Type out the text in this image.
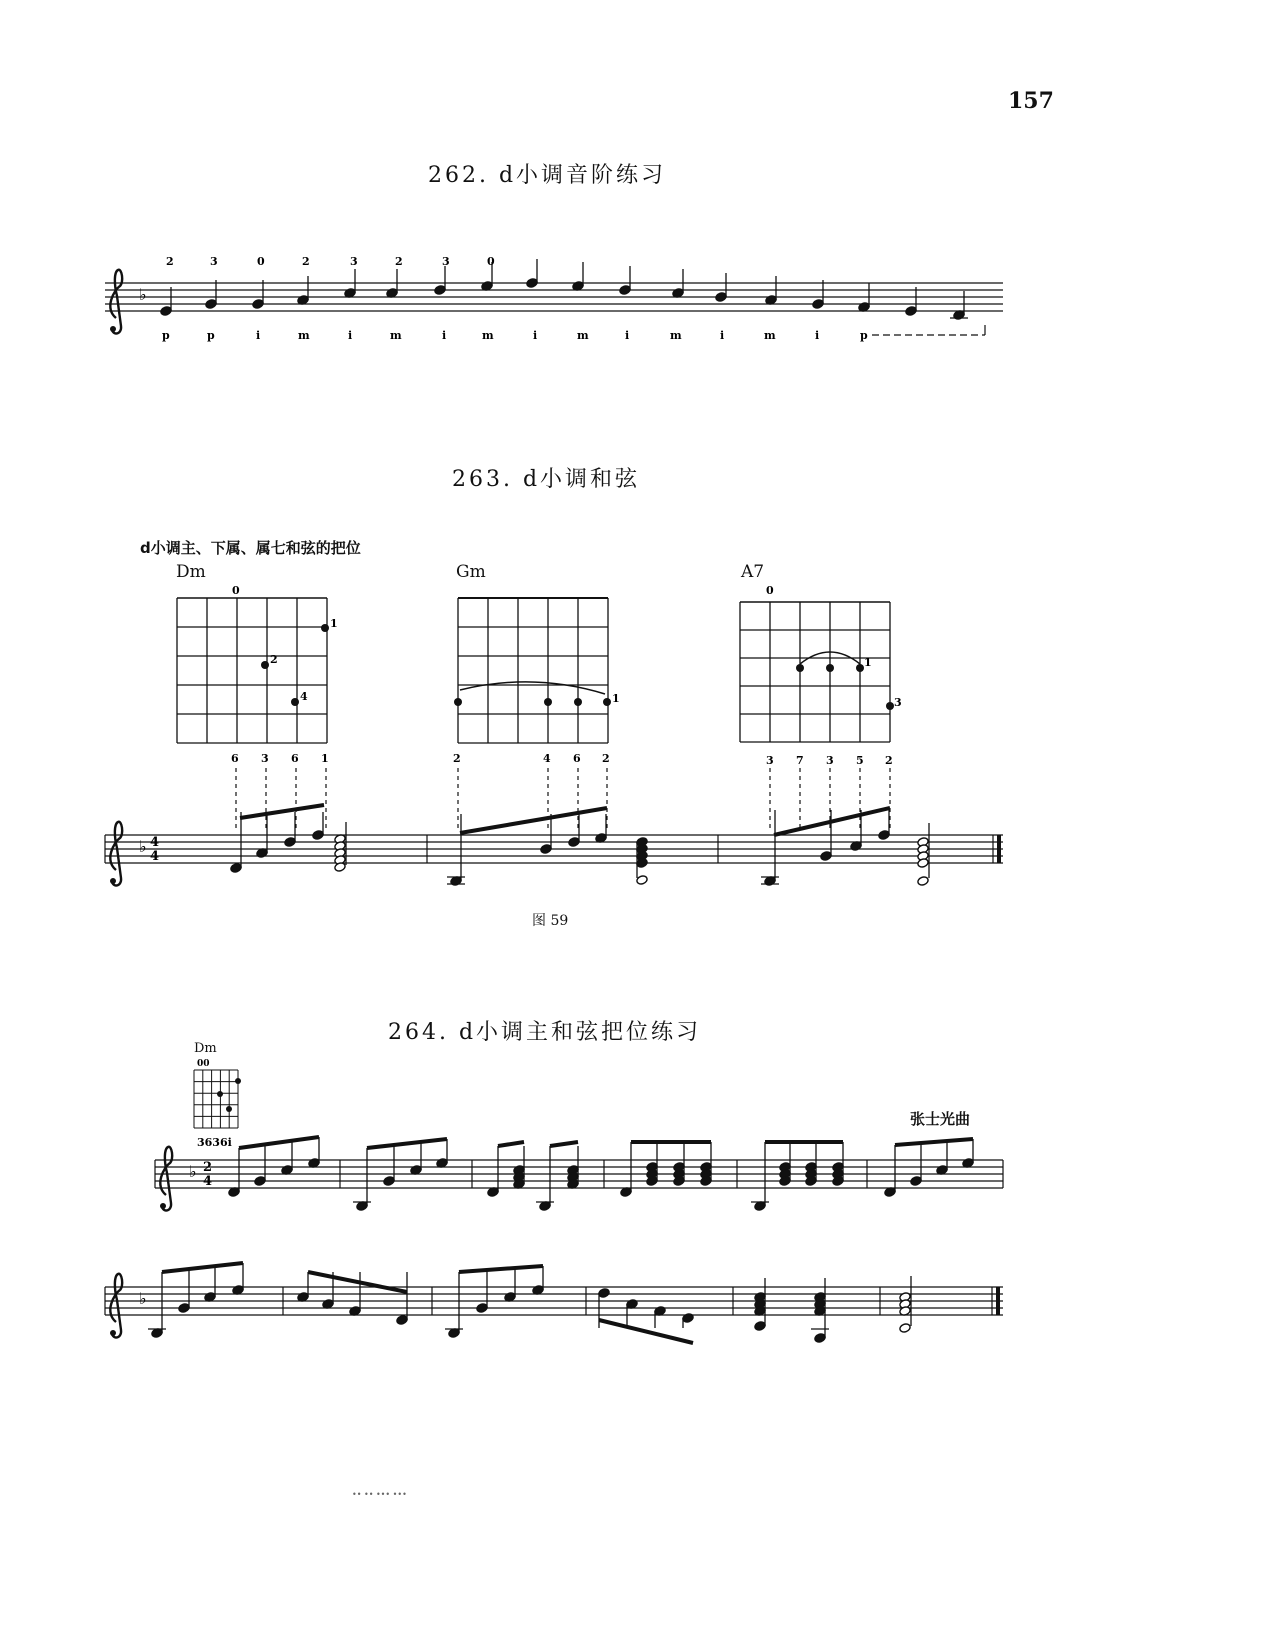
157
262. d小调音阶练习
263. d小调和弦
d小调主、下属、属七和弦的把位
Dm	Gm	A7
图 59
264. d小调主和弦把位练习
Dm
张士光曲
♭
2	3	0	2	3	2	3	0
p	p	i	m	i	m	i	m	i	m	i	m	i	m	i	p
0
1
2
4
6 3 6 1
1
2	4 6 2
0
1
3
3 7 3 5 2
♭ 4
4
00
3636i
♭ 2
4
♭
•• •• ••• •••
